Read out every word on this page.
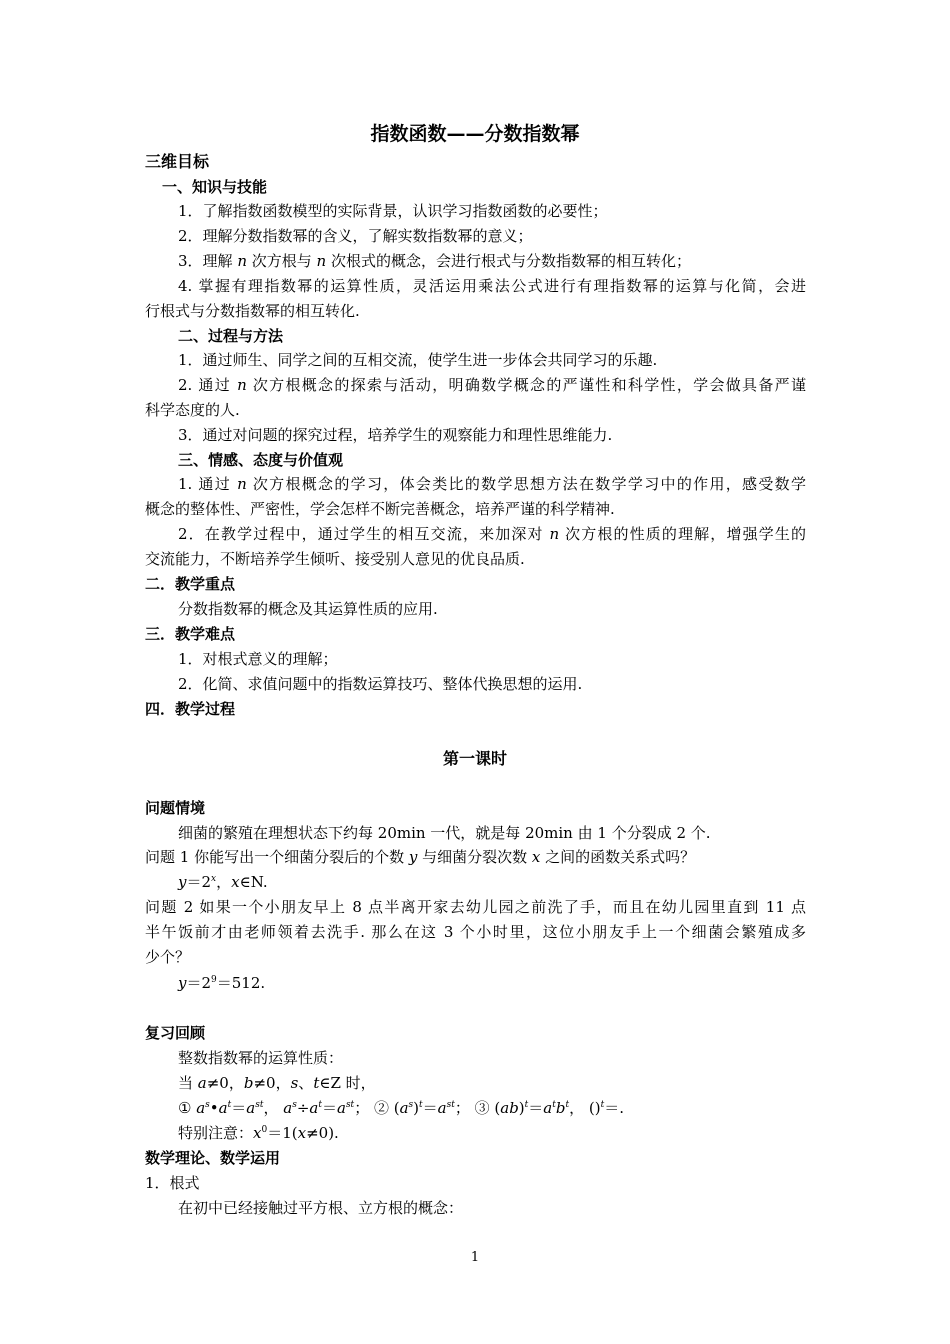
指数函数——分数指数幂
三维目标
一、知识与技能
1．了解指数函数模型的实际背景，认识学习指数函数的必要性；
2．理解分数指数幂的含义，了解实数指数幂的意义；
3．理解 n 次方根与 n 次根式的概念，会进行根式与分数指数幂的相互转化；
4. 掌握有理指数幂的运算性质，灵活运用乘法公式进行有理指数幂的运算与化简，会进
行根式与分数指数幂的相互转化.
二、过程与方法
1．通过师生、同学之间的互相交流，使学生进一步体会共同学习的乐趣.
2. 通过 n 次方根概念的探索与活动，明确数学概念的严谨性和科学性，学会做具备严谨
科学态度的人.
3．通过对问题的探究过程，培养学生的观察能力和理性思维能力.
三、情感、态度与价值观
1. 通过 n 次方根概念的学习，体会类比的数学思想方法在数学学习中的作用，感受数学
概念的整体性、严密性，学会怎样不断完善概念，培养严谨的科学精神.
2．在教学过程中，通过学生的相互交流，来加深对 n 次方根的性质的理解，增强学生的
交流能力，不断培养学生倾听、接受别人意见的优良品质.
二．教学重点
分数指数幂的概念及其运算性质的应用.
三．教学难点
1．对根式意义的理解；
2．化简、求值问题中的指数运算技巧、整体代换思想的运用.
四．教学过程
第一课时
问题情境
细菌的繁殖在理想状态下约每 20min 一代，就是每 20min 由 1 个分裂成 2 个.
问题 1 你能写出一个细菌分裂后的个数 y 与细菌分裂次数 x 之间的函数关系式吗？
$y=2^x$，x∈N.
问题 2 如果一个小朋友早上 8 点半离开家去幼儿园之前洗了手，而且在幼儿园里直到 11 点
半午饭前才由老师领着去洗手. 那么在这 3 个小时里，这位小朋友手上一个细菌会繁殖成多
少个？
$y=2^9=512$.
复习回顾
整数指数幂的运算性质：
当 a≠0，b≠0，s、t∈Z 时，
① $a^s•a^t=a^{st}$， $a^s\div a^t=a^{st}$； ② $(a^s)^t=a^{st}$； ③ $(ab)^t=a^tb^t$， ()$^t$＝.
特别注意：$x^0=1(x\ne 0)$.
数学理论、数学运用
1．根式
在初中已经接触过平方根、立方根的概念：
1
